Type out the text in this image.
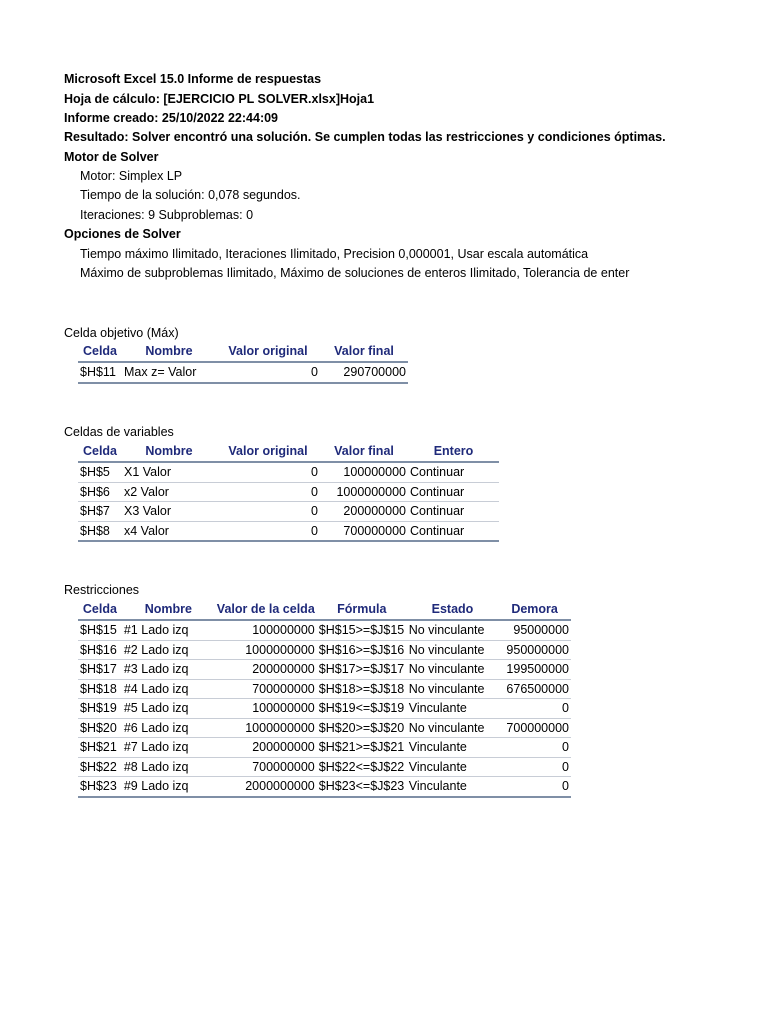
Microsoft Excel 15.0 Informe de respuestas
Hoja de cálculo: [EJERCICIO PL SOLVER.xlsx]Hoja1
Informe creado: 25/10/2022 22:44:09
Resultado: Solver encontró una solución. Se cumplen todas las restricciones y condiciones óptimas.
Motor de Solver
Motor: Simplex LP
Tiempo de la solución: 0,078 segundos.
Iteraciones: 9 Subproblemas: 0
Opciones de Solver
Tiempo máximo Ilimitado, Iteraciones Ilimitado, Precision 0,000001, Usar escala automática
Máximo de subproblemas Ilimitado, Máximo de soluciones de enteros Ilimitado, Tolerancia de enter
Celda objetivo (Máx)
Celda	Nombre	Valor original	Valor final
$H$11	Max z= Valor	0	290700000
Celdas de variables
Celda	Nombre	Valor original	Valor final	Entero
$H$5	X1 Valor	0	100000000	Continuar
$H$6	x2 Valor	0	1000000000	Continuar
$H$7	X3 Valor	0	200000000	Continuar
$H$8	x4 Valor	0	700000000	Continuar
Restricciones
Celda	Nombre	Valor de la celda	Fórmula	Estado	Demora
$H$15	#1 Lado izq	100000000	$H$15>=$J$15	No vinculante	95000000
$H$16	#2 Lado izq	1000000000	$H$16>=$J$16	No vinculante	950000000
$H$17	#3 Lado izq	200000000	$H$17>=$J$17	No vinculante	199500000
$H$18	#4 Lado izq	700000000	$H$18>=$J$18	No vinculante	676500000
$H$19	#5 Lado izq	100000000	$H$19<=$J$19	Vinculante	0
$H$20	#6 Lado izq	1000000000	$H$20>=$J$20	No vinculante	700000000
$H$21	#7 Lado izq	200000000	$H$21>=$J$21	Vinculante	0
$H$22	#8 Lado izq	700000000	$H$22<=$J$22	Vinculante	0
$H$23	#9 Lado izq	2000000000	$H$23<=$J$23	Vinculante	0
